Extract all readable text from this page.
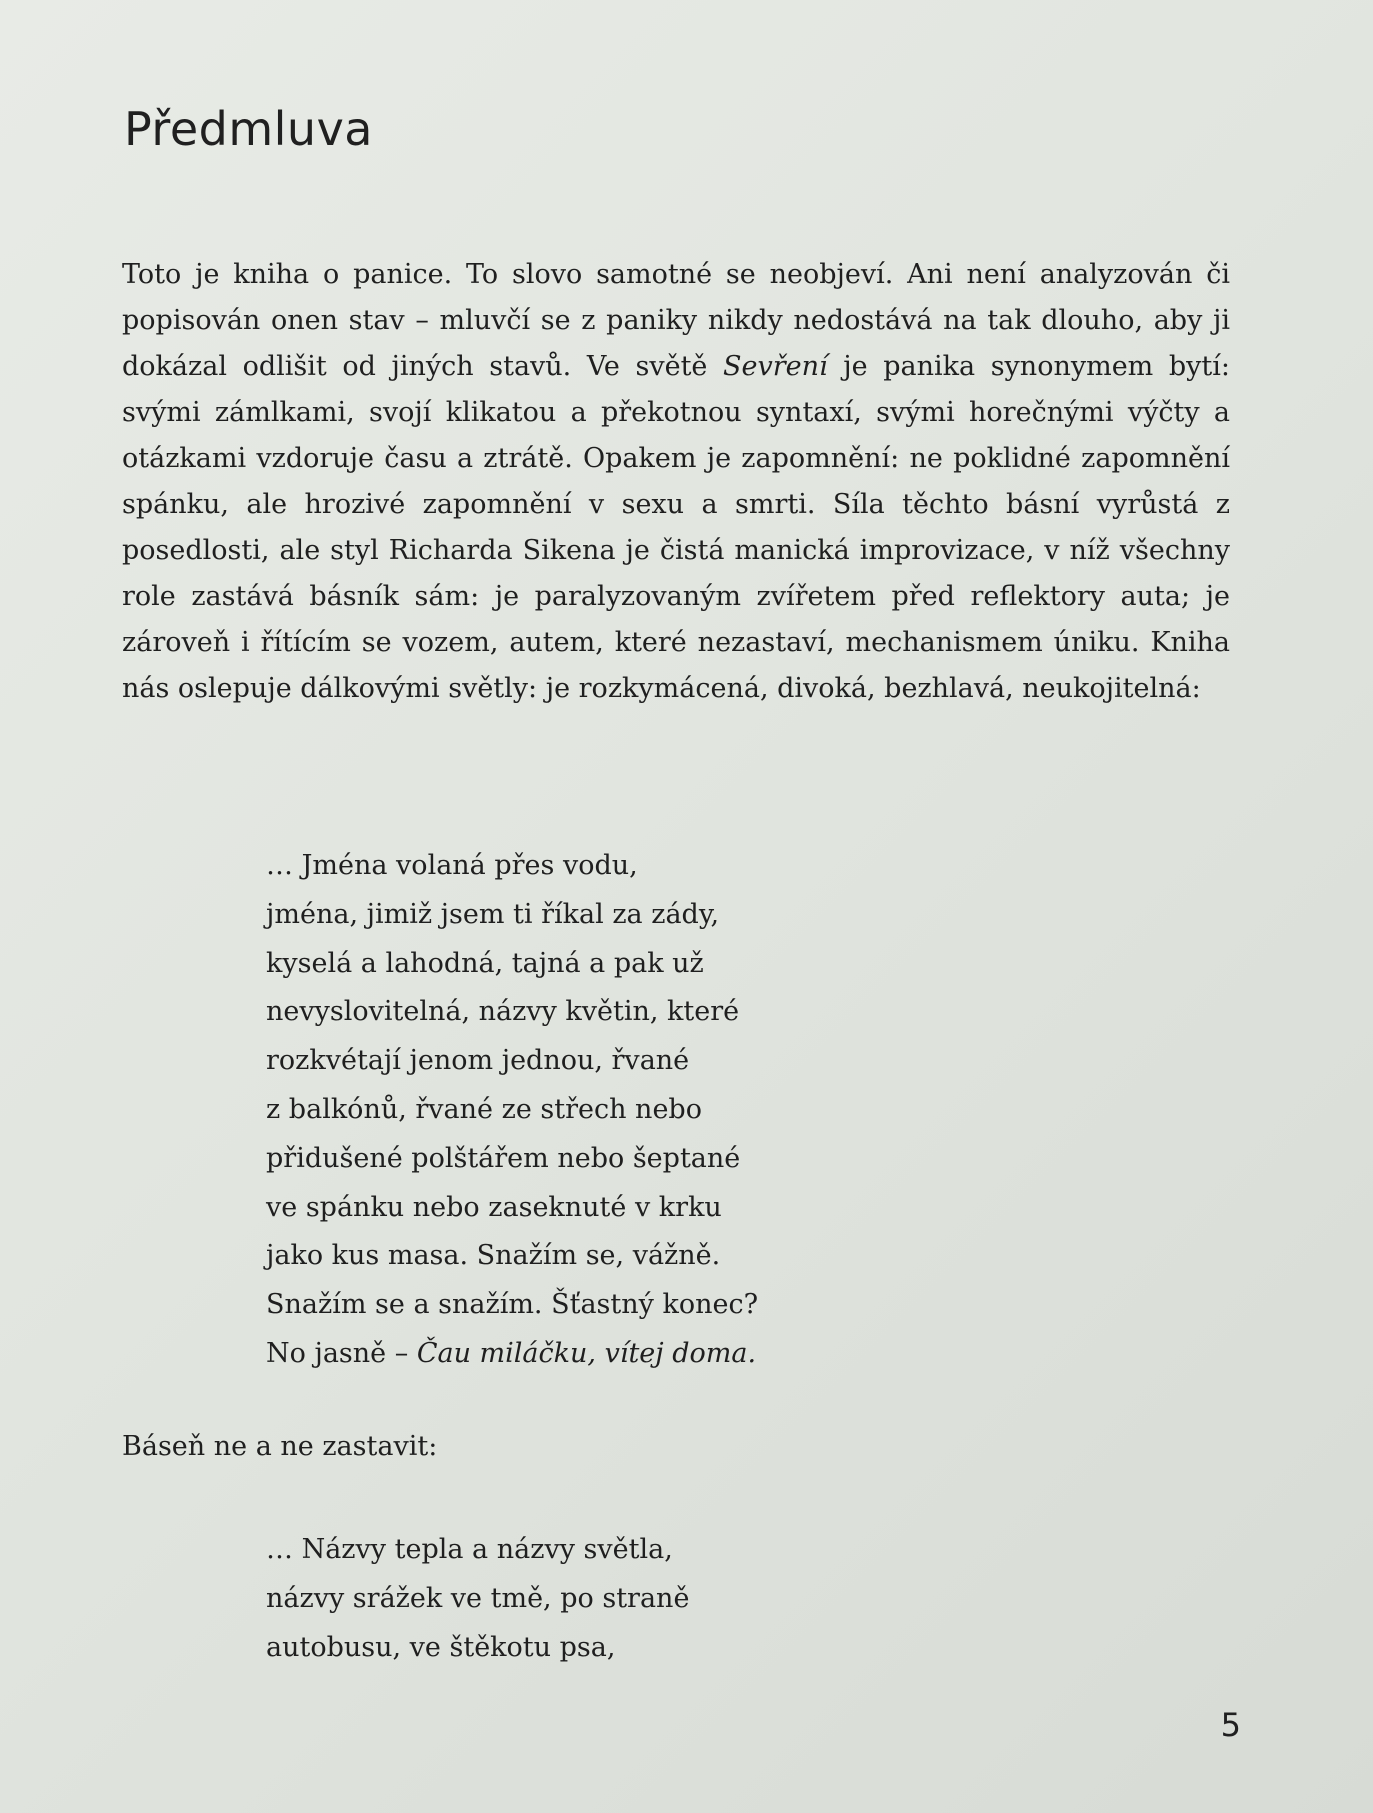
Předmluva

Toto je kniha o panice. To slovo samotné se neobjeví. Ani není analyzován či popisován onen stav – mluvčí se z paniky nikdy nedostává na tak dlouho, aby ji dokázal odlišit od jiných stavů. Ve světě Sevření je panika synonymem bytí: svými zámlkami, svojí klikatou a překotnou syntaxí, svými horečnými výčty a otázkami vzdoruje času a ztrátě. Opakem je zapomnění: ne poklidné zapomnění spánku, ale hrozivé zapomnění v sexu a smrti. Síla těchto básní vyrůstá z posedlosti, ale styl Richarda Sikena je čistá manická improvizace, v níž všechny role zastává básník sám: je paralyzovaným zvířetem před reflektory auta; je zároveň i řítícím se vozem, autem, které nezastaví, mechanismem úniku. Kniha nás oslepuje dálkovými světly: je rozkymácená, divoká, bezhlavá, neukojitelná:

… Jména volaná přes vodu,
jména, jimiž jsem ti říkal za zády,
kyselá a lahodná, tajná a pak už
nevyslovitelná, názvy květin, které
rozkvétají jenom jednou, řvané
z balkónů, řvané ze střech nebo
přidušené polštářem nebo šeptané
ve spánku nebo zaseknuté v krku
jako kus masa. Snažím se, vážně.
Snažím se a snažím. Šťastný konec?
No jasně – Čau miláčku, vítej doma.

Báseň ne a ne zastavit:

… Názvy tepla a názvy světla,
názvy srážek ve tmě, po straně
autobusu, ve štěkotu psa,
5
